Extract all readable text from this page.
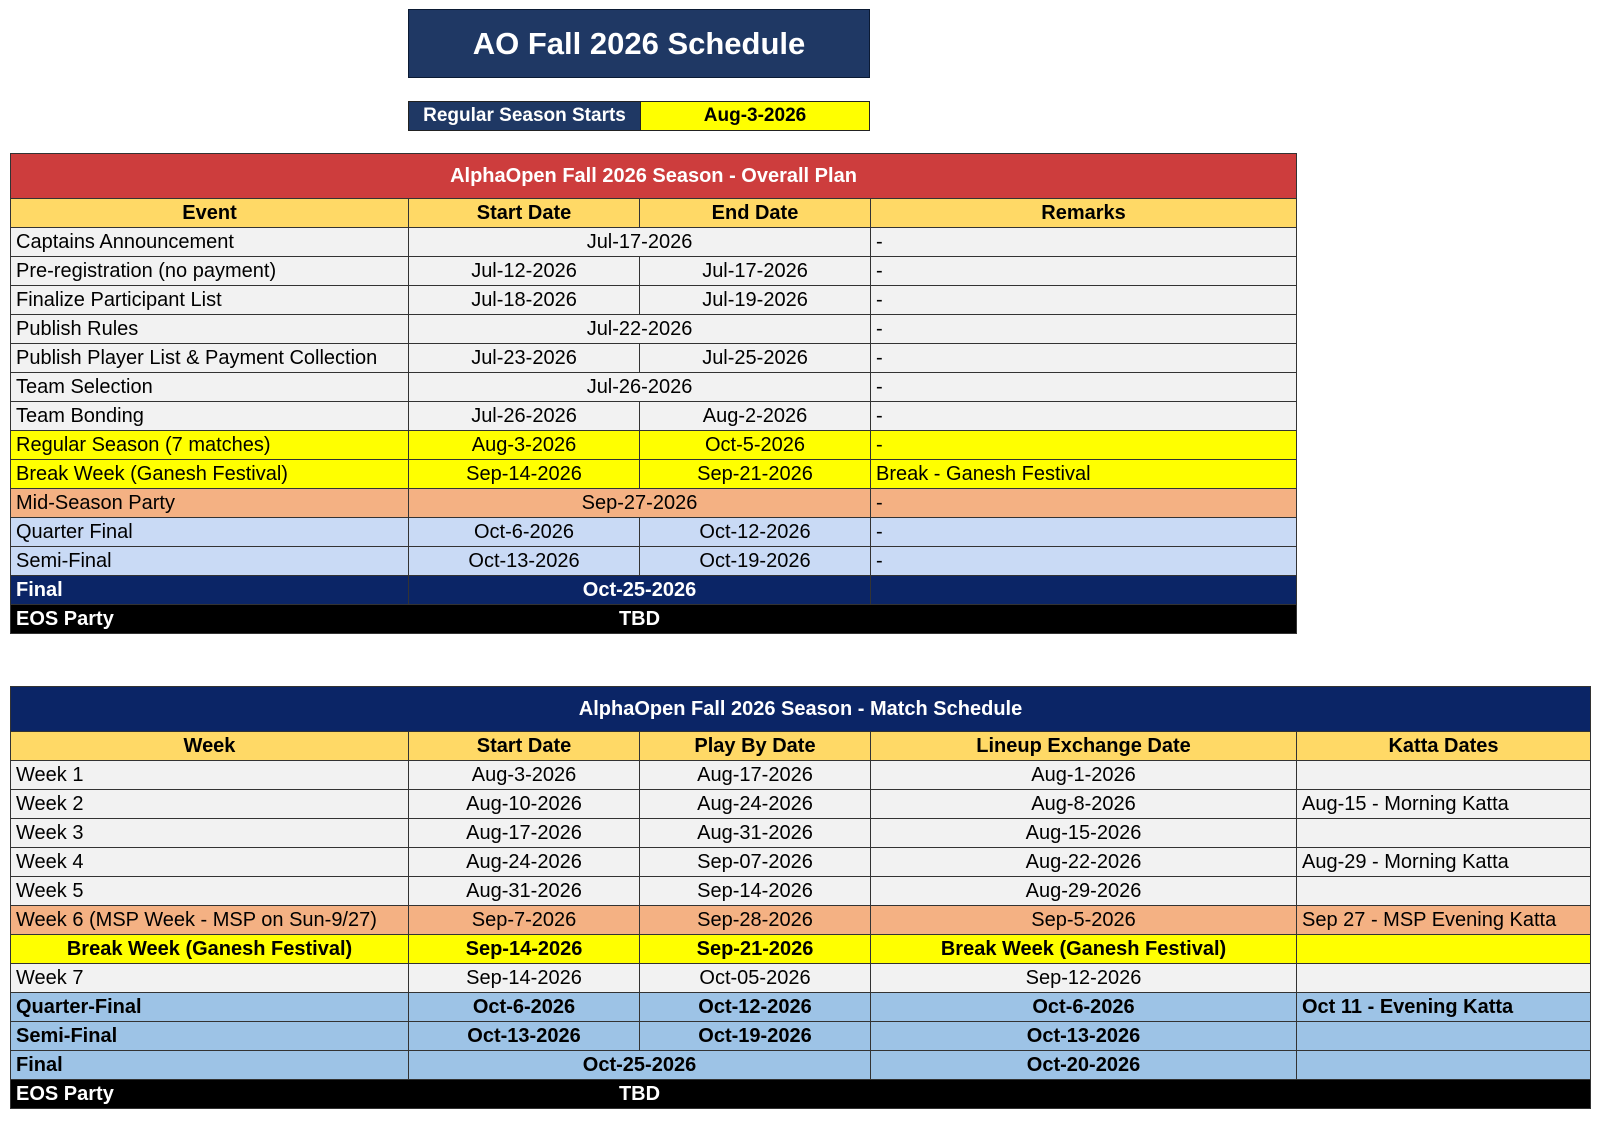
AO Fall 2026 Schedule
Regular Season Starts	Aug-3-2026
AlphaOpen Fall 2026 Season - Overall Plan			
Event	Start Date	End Date	Remarks
Captains Announcement	Jul-17-2026		-
Pre-registration (no payment)	Jul-12-2026	Jul-17-2026	-
Finalize Participant List	Jul-18-2026	Jul-19-2026	-
Publish Rules	Jul-22-2026		-
Publish Player List & Payment Collection	Jul-23-2026	Jul-25-2026	-
Team Selection	Jul-26-2026		-
Team Bonding	Jul-26-2026	Aug-2-2026	-
Regular Season (7 matches)	Aug-3-2026	Oct-5-2026	-
Break Week (Ganesh Festival)	Sep-14-2026	Sep-21-2026	Break - Ganesh Festival
Mid-Season Party	Sep-27-2026		-
Quarter Final	Oct-6-2026	Oct-12-2026	-
Semi-Final	Oct-13-2026	Oct-19-2026	-
Final	Oct-25-2026		
EOS Party	TBD		
AlphaOpen Fall 2026 Season - Match Schedule				
Week	Start Date	Play By Date	Lineup Exchange Date	Katta Dates
Week 1	Aug-3-2026	Aug-17-2026	Aug-1-2026	
Week 2	Aug-10-2026	Aug-24-2026	Aug-8-2026	Aug-15 - Morning Katta
Week 3	Aug-17-2026	Aug-31-2026	Aug-15-2026	
Week 4	Aug-24-2026	Sep-07-2026	Aug-22-2026	Aug-29 - Morning Katta
Week 5	Aug-31-2026	Sep-14-2026	Aug-29-2026	
Week 6 (MSP Week - MSP on Sun-9/27)	Sep-7-2026	Sep-28-2026	Sep-5-2026	Sep 27 - MSP Evening Katta
Break Week (Ganesh Festival)	Sep-14-2026	Sep-21-2026	Break Week (Ganesh Festival)	
Week 7	Sep-14-2026	Oct-05-2026	Sep-12-2026	
Quarter-Final	Oct-6-2026	Oct-12-2026	Oct-6-2026	Oct 11 - Evening Katta
Semi-Final	Oct-13-2026	Oct-19-2026	Oct-13-2026	
Final	Oct-25-2026		Oct-20-2026	
EOS Party	TBD			
